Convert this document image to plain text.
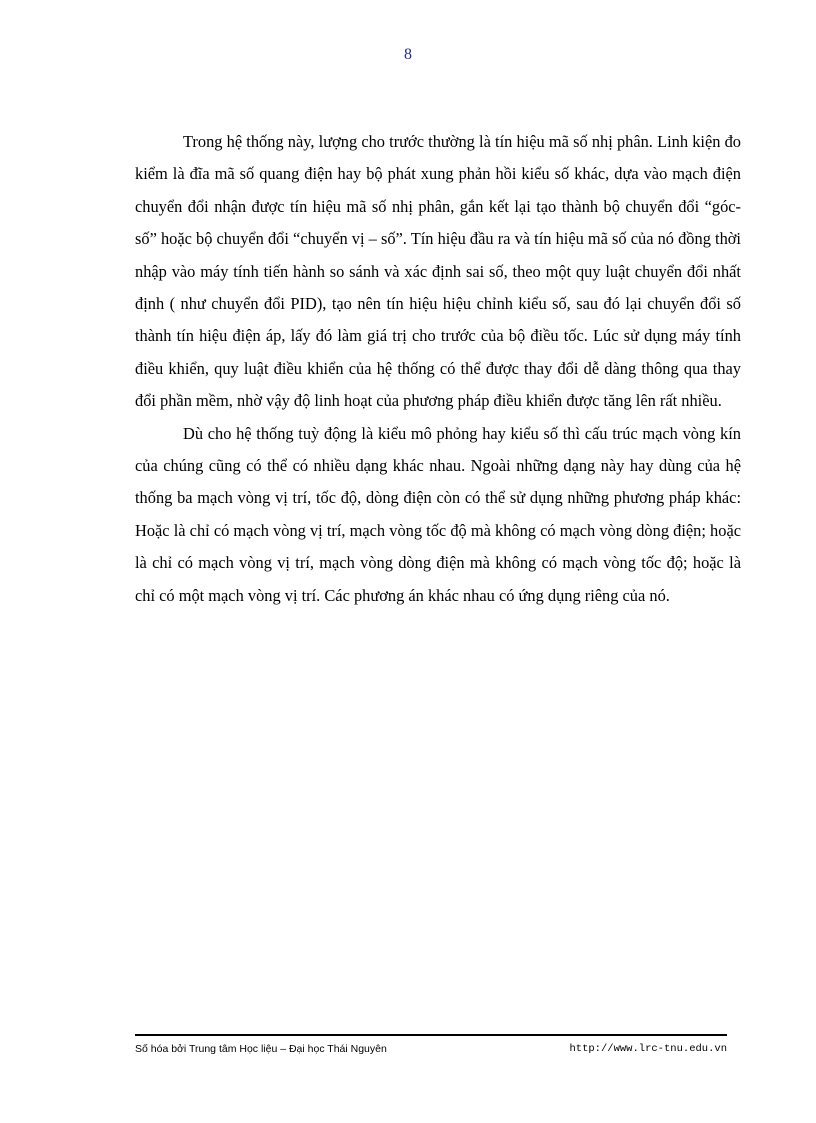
8

Trong hệ thống này, lượng cho trước thường là tín hiệu mã số nhị phân. Linh kiện đo kiểm là đĩa mã số quang điện hay bộ phát xung phản hồi kiểu số khác, dựa vào mạch điện chuyển đổi nhận được tín hiệu mã số nhị phân, gắn kết lại tạo thành bộ chuyển đổi “góc- số” hoặc bộ chuyển đổi “chuyển vị – số”. Tín hiệu đầu ra và tín hiệu mã số của nó đồng thời nhập vào máy tính tiến hành so sánh và xác định sai số, theo một quy luật chuyển đổi nhất định ( như chuyển đổi PID), tạo nên tín hiệu hiệu chỉnh kiểu số, sau đó lại chuyển đổi số thành tín hiệu điện áp, lấy đó làm giá trị cho trước của bộ điều tốc. Lúc sử dụng máy tính điều khiển, quy luật điều khiển của hệ thống có thể được thay đổi dễ dàng thông qua thay đổi phần mềm, nhờ vậy độ linh hoạt của phương pháp điều khiển được tăng lên rất nhiều.

Dù cho hệ thống tuỳ động là kiểu mô phỏng hay kiểu số thì cấu trúc mạch vòng kín của chúng cũng có thể có nhiều dạng khác nhau. Ngoài những dạng này hay dùng của hệ thống ba mạch vòng vị trí, tốc độ, dòng điện còn có thể sử dụng những phương pháp khác: Hoặc là chỉ có mạch vòng vị trí, mạch vòng tốc độ mà không có mạch vòng dòng điện; hoặc là chỉ có mạch vòng vị trí, mạch vòng dòng điện mà không có mạch vòng tốc độ; hoặc là chỉ có một mạch vòng vị trí. Các phương án khác nhau có ứng dụng riêng của nó.

Số hóa bởi Trung tâm Học liệu – Đại học Thái Nguyên	http://www.lrc-tnu.edu.vn
